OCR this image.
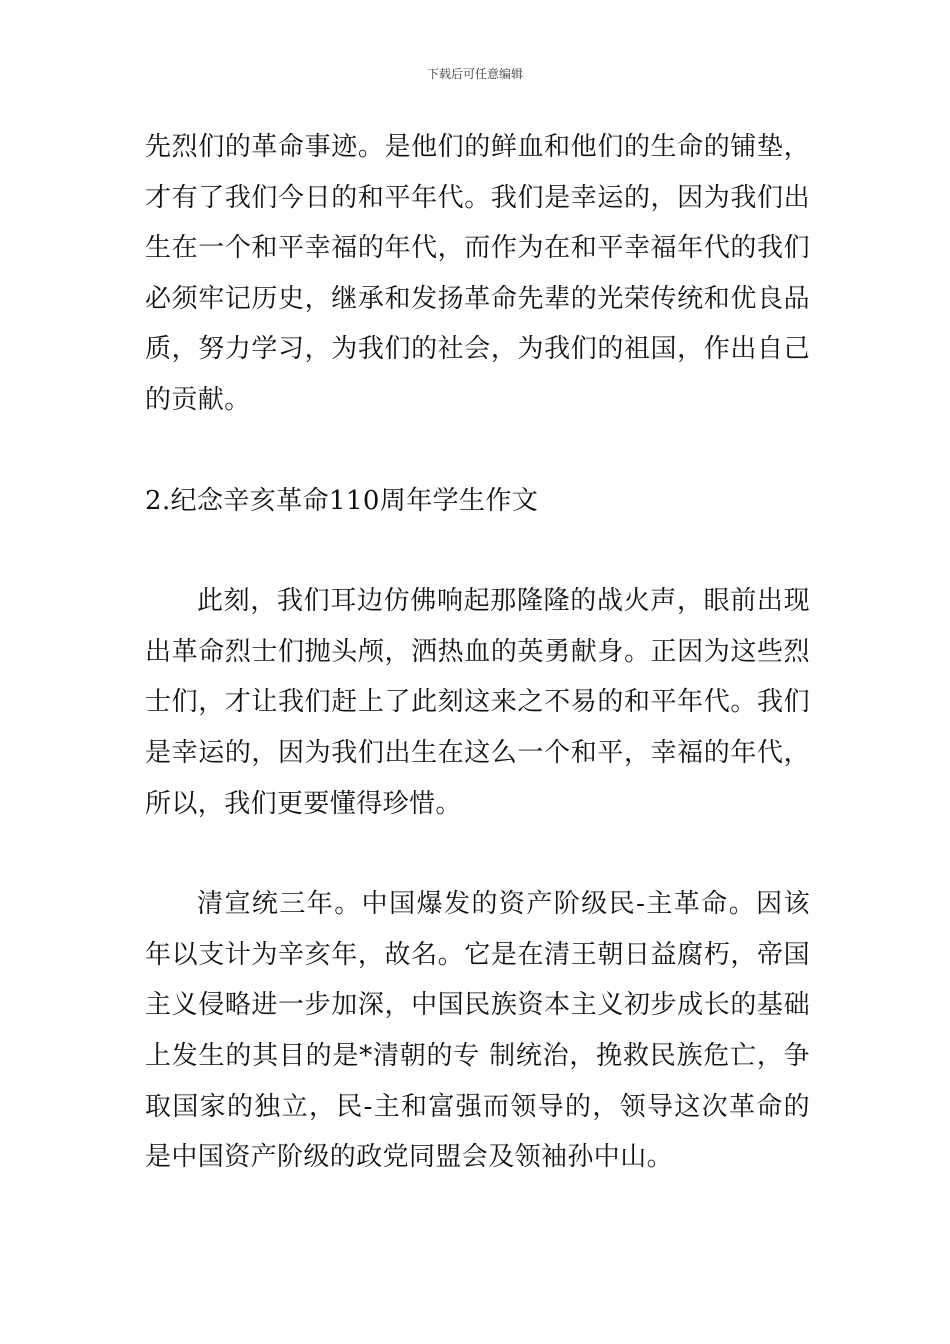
下载后可任意编辑

先烈们的革命事迹。是他们的鲜血和他们的生命的铺垫，才有了我们今日的和平年代。我们是幸运的，因为我们出生在一个和平幸福的年代，而作为在和平幸福年代的我们必须牢记历史，继承和发扬革命先辈的光荣传统和优良品质，努力学习，为我们的社会，为我们的祖国，作出自己的贡献。

2.纪念辛亥革命110周年学生作文

此刻，我们耳边仿佛响起那隆隆的战火声，眼前出现出革命烈士们抛头颅，洒热血的英勇献身。正因为这些烈士们，才让我们赶上了此刻这来之不易的和平年代。我们是幸运的，因为我们出生在这么一个和平，幸福的年代，所以，我们更要懂得珍惜。

清宣统三年。中国爆发的资产阶级民-主革命。因该年以支计为辛亥年，故名。它是在清王朝日益腐朽，帝国主义侵略进一步加深，中国民族资本主义初步成长的基础上发生的其目的是*清朝的专 制统治，挽救民族危亡，争取国家的独立，民-主和富强而领导的，领导这次革命的是中国资产阶级的政党同盟会及领袖孙中山。
